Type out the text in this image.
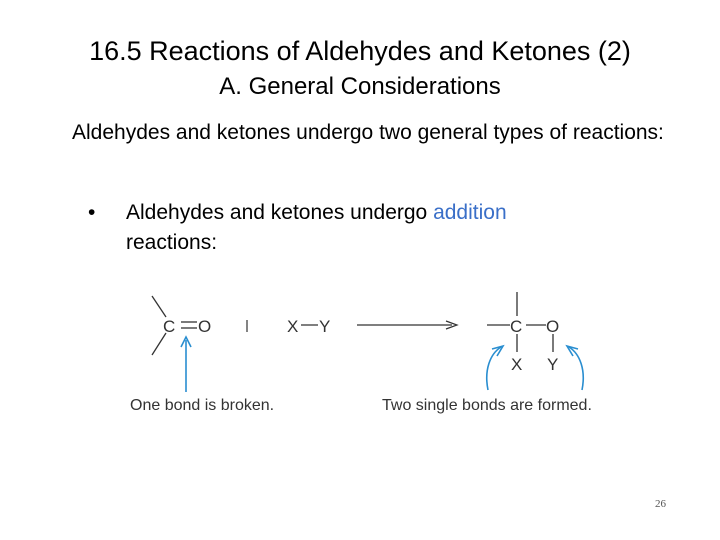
16.5 Reactions of Aldehydes and Ketones (2)
A. General Considerations
Aldehydes and ketones undergo two general types of reactions:
• Aldehydes and ketones undergo addition
reactions:
C O	X Y	C O
X Y
One bond is broken.	Two single bonds are formed.
26
